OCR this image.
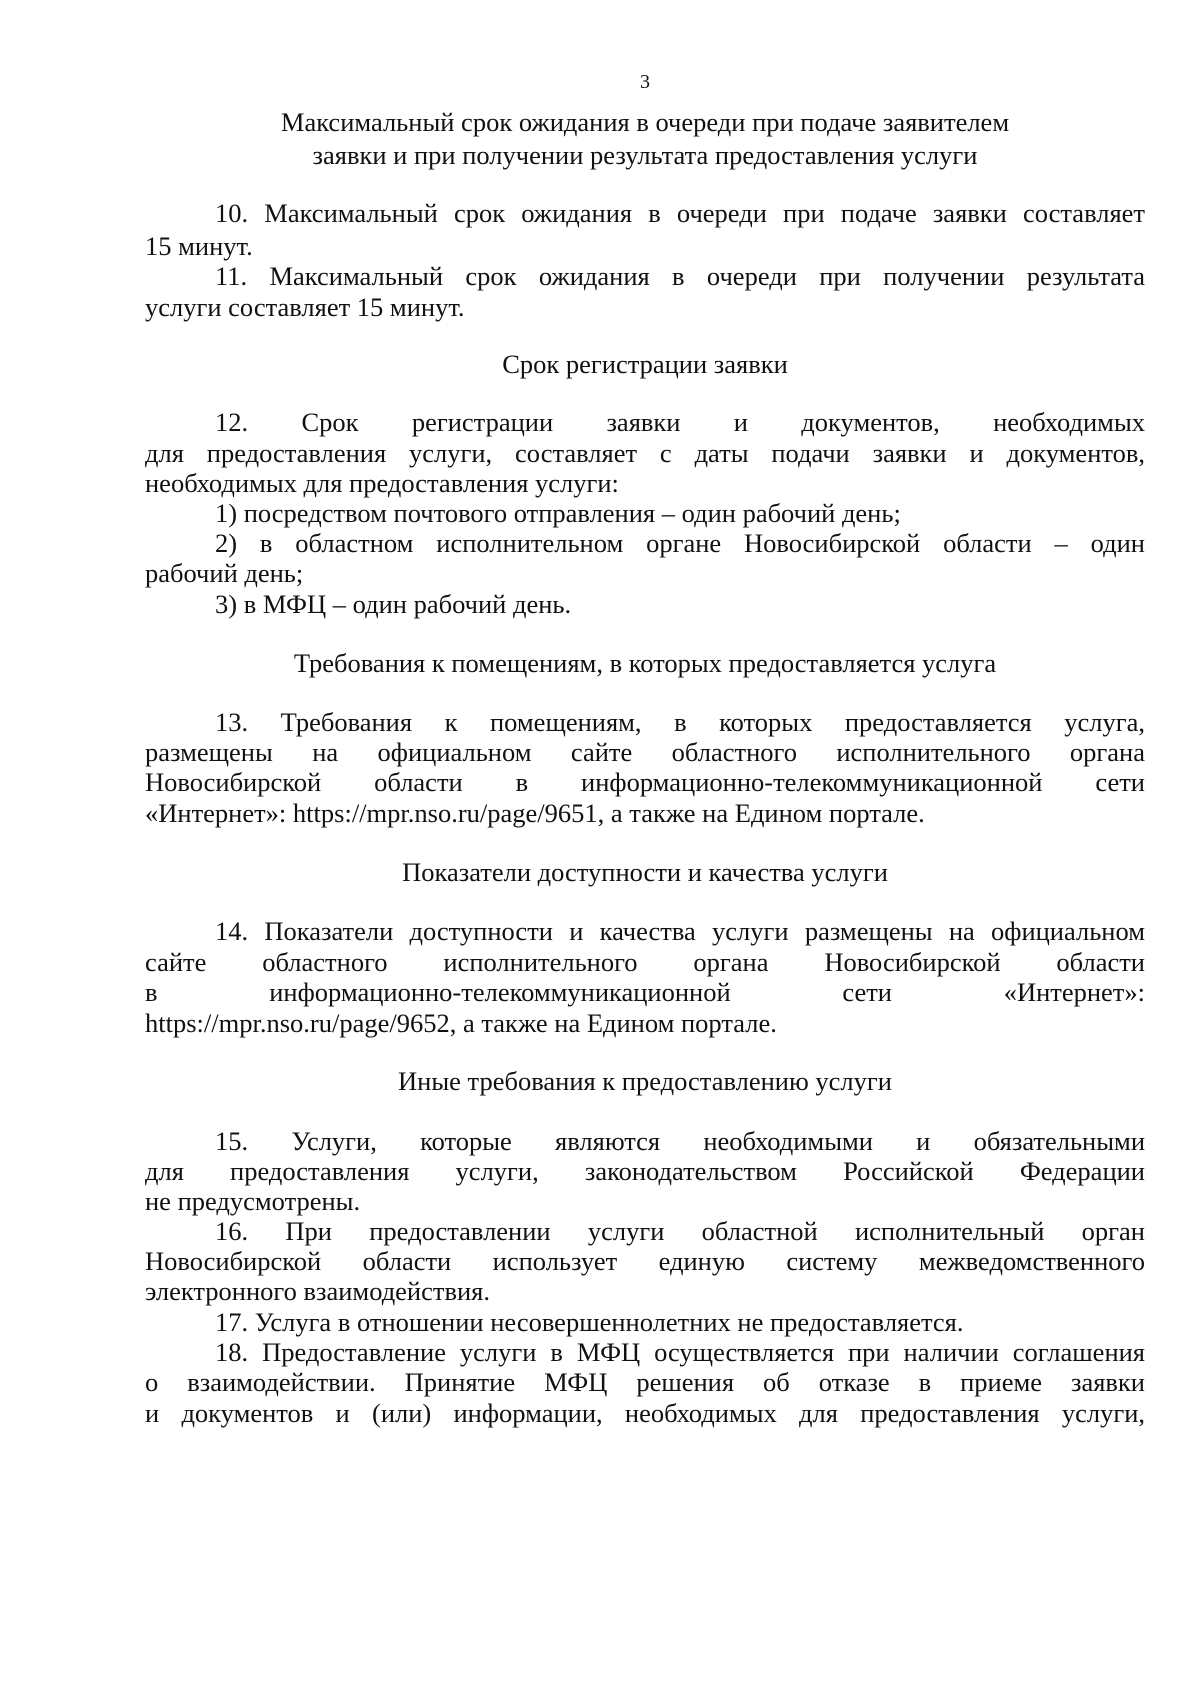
3
Максимальный срок ожидания в очереди при подаче заявителем
заявки и при получении результата предоставления услуги
10. Максимальный срок ожидания в очереди при подаче заявки составляет
15 минут.
11. Максимальный срок ожидания в очереди при получении результата
услуги составляет 15 минут.
Срок регистрации заявки
12. Срок регистрации заявки и документов, необходимых
для предоставления услуги, составляет с даты подачи заявки и документов,
необходимых для предоставления услуги:
1) посредством почтового отправления – один рабочий день;
2) в областном исполнительном органе Новосибирской области – один
рабочий день;
3) в МФЦ – один рабочий день.
Требования к помещениям, в которых предоставляется услуга
13. Требования к помещениям, в которых предоставляется услуга,
размещены на официальном сайте областного исполнительного органа
Новосибирской области в информационно-телекоммуникационной сети
«Интернет»: https://mpr.nso.ru/page/9651, а также на Едином портале.
Показатели доступности и качества услуги
14. Показатели доступности и качества услуги размещены на официальном
сайте областного исполнительного органа Новосибирской области
в информационно-телекоммуникационной сети «Интернет»:
https://mpr.nso.ru/page/9652, а также на Едином портале.
Иные требования к предоставлению услуги
15. Услуги, которые являются необходимыми и обязательными
для предоставления услуги, законодательством Российской Федерации
не предусмотрены.
16. При предоставлении услуги областной исполнительный орган
Новосибирской области использует единую систему межведомственного
электронного взаимодействия.
17. Услуга в отношении несовершеннолетних не предоставляется.
18. Предоставление услуги в МФЦ осуществляется при наличии соглашения
о взаимодействии. Принятие МФЦ решения об отказе в приеме заявки
и документов и (или) информации, необходимых для предоставления услуги,
